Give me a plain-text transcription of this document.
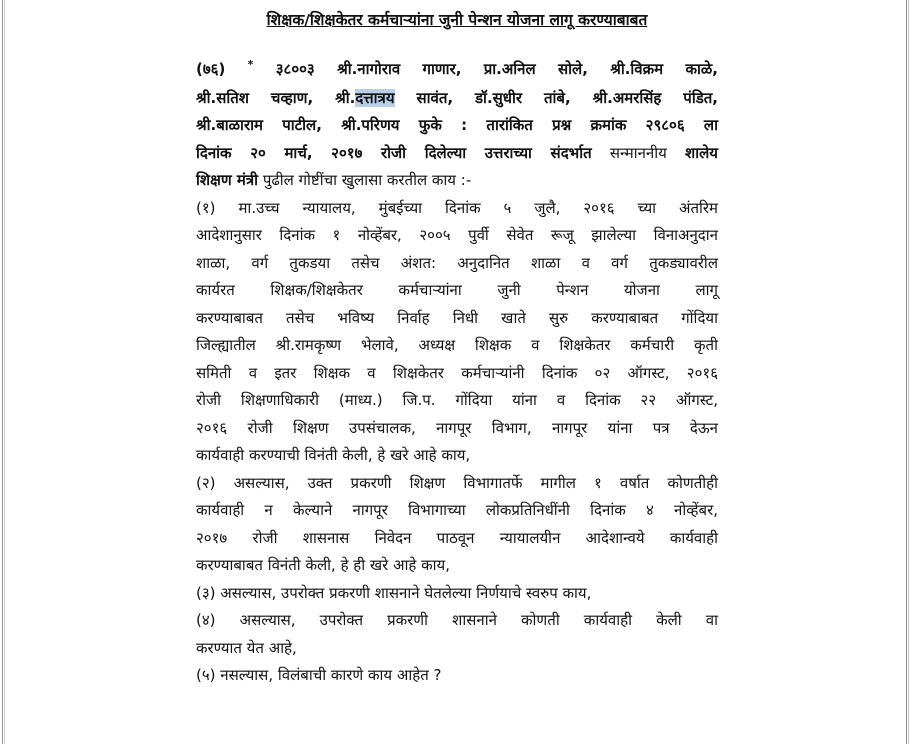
शिक्षक/शिक्षकेतर कर्मचाऱ्यांना जुनी पेन्शन योजना लागू करण्याबाबत
(७६) * ३८००३ श्री.नागोराव गाणार, प्रा.अनिल सोले, श्री.विक्रम काळे,
श्री.सतिश चव्हाण, श्री.दत्तात्रय सावंत, डॉ.सुधीर तांबे, श्री.अमरसिंह पंडित,
श्री.बाळाराम पाटील, श्री.परिणय फुके : तारांकित प्रश्न क्रमांक २९८०६ ला
दिनांक २० मार्च, २०१७ रोजी दिलेल्या उत्तराच्या संदर्भात सन्माननीय शालेय
शिक्षण मंत्री पुढील गोष्टींचा खुलासा करतील काय :-
(१) मा.उच्च न्यायालय, मुंबईच्या दिनांक ५ जुलै, २०१६ च्या अंतरिम
आदेशानुसार दिनांक १ नोव्हेंबर, २००५ पुर्वी सेवेत रूजू झालेल्या विनाअनुदान
शाळा, वर्ग तुकडया तसेच अंशत: अनुदानित शाळा व वर्ग तुकड्यावरील
कार्यरत शिक्षक/शिक्षकेतर कर्मचाऱ्यांना जुनी पेन्शन योजना लागू
करण्याबाबत तसेच भविष्य निर्वाह निधी खाते सुरु करण्याबाबत गोंदिया
जिल्ह्यातील श्री.रामकृष्ण भेलावे, अध्यक्ष शिक्षक व शिक्षकेतर कर्मचारी कृती
समिती व इतर शिक्षक व शिक्षकेतर कर्मचाऱ्यांनी दिनांक ०२ ऑगस्ट, २०१६
रोजी शिक्षणाधिकारी (माध्य.) जि.प. गोंदिया यांना व दिनांक २२ ऑगस्ट,
२०१६ रोजी शिक्षण उपसंचालक, नागपूर विभाग, नागपूर यांना पत्र देऊन
कार्यवाही करण्याची विनंती केली, हे खरे आहे काय,
(२) असल्यास, उक्त प्रकरणी शिक्षण विभागातर्फे मागील १ वर्षात कोणतीही
कार्यवाही न केल्याने नागपूर विभागाच्या लोकप्रतिनिधींनी दिनांक ४ नोव्हेंबर,
२०१७ रोजी शासनास निवेदन पाठवून न्यायालयीन आदेशान्वये कार्यवाही
करण्याबाबत विनंती केली, हे ही खरे आहे काय,
(३) असल्यास, उपरोक्त प्रकरणी शासनाने घेतलेल्या निर्णयाचे स्वरुप काय,
(४) असल्यास, उपरोक्त प्रकरणी शासनाने कोणती कार्यवाही केली वा
करण्यात येत आहे,
(५) नसल्यास, विलंबाची कारणे काय आहेत ?
